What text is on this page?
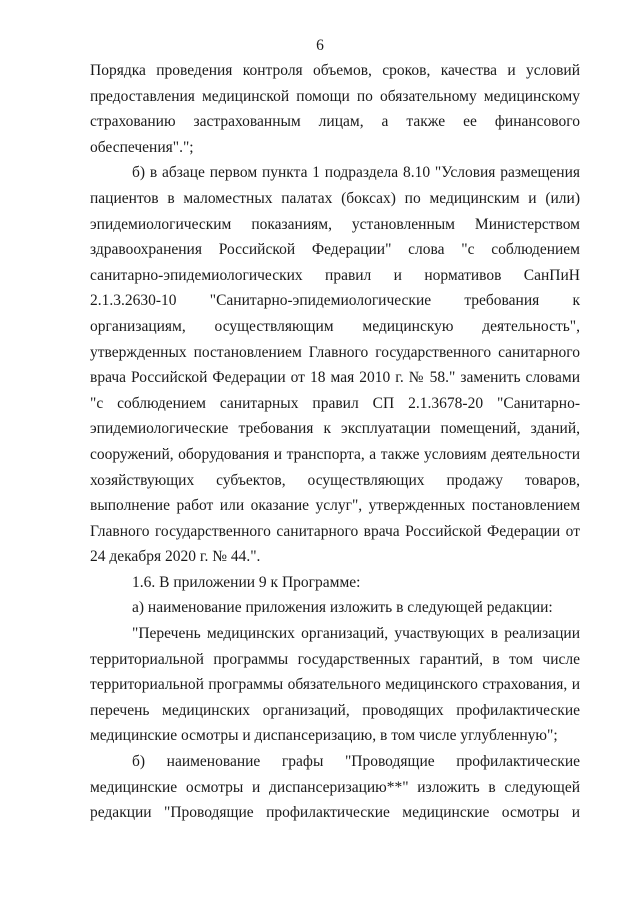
6

Порядка проведения контроля объемов, сроков, качества и условий предоставления медицинской помощи по обязательному медицинскому страхованию застрахованным лицам, а также ее финансового обеспечения".";

б) в абзаце первом пункта 1 подраздела 8.10 "Условия размещения пациентов в маломестных палатах (боксах) по медицинским и (или) эпидемиологическим показаниям, установленным Министерством здравоохранения Российской Федерации" слова "с соблюдением санитарно-эпидемиологических правил и нормативов СанПиН 2.1.3.2630-10 "Санитарно-эпидемиологические требования к организациям, осуществляющим медицинскую деятельность", утвержденных постановлением Главного государственного санитарного врача Российской Федерации от 18 мая 2010 г. № 58." заменить словами "с соблюдением санитарных правил СП 2.1.3678-20 "Санитарно-эпидемиологические требования к эксплуатации помещений, зданий, сооружений, оборудования и транспорта, а также условиям деятельности хозяйствующих субъектов, осуществляющих продажу товаров, выполнение работ или оказание услуг", утвержденных постановлением Главного государственного санитарного врача Российской Федерации от 24 декабря 2020 г. № 44.".

1.6. В приложении 9 к Программе:

а) наименование приложения изложить в следующей редакции:

"Перечень медицинских организаций, участвующих в реализации территориальной программы государственных гарантий, в том числе территориальной программы обязательного медицинского страхования, и перечень медицинских организаций, проводящих профилактические медицинские осмотры и диспансеризацию, в том числе углубленную";

б) наименование графы "Проводящие профилактические медицинские осмотры и диспансеризацию**" изложить в следующей редакции "Проводящие профилактические медицинские осмотры и
